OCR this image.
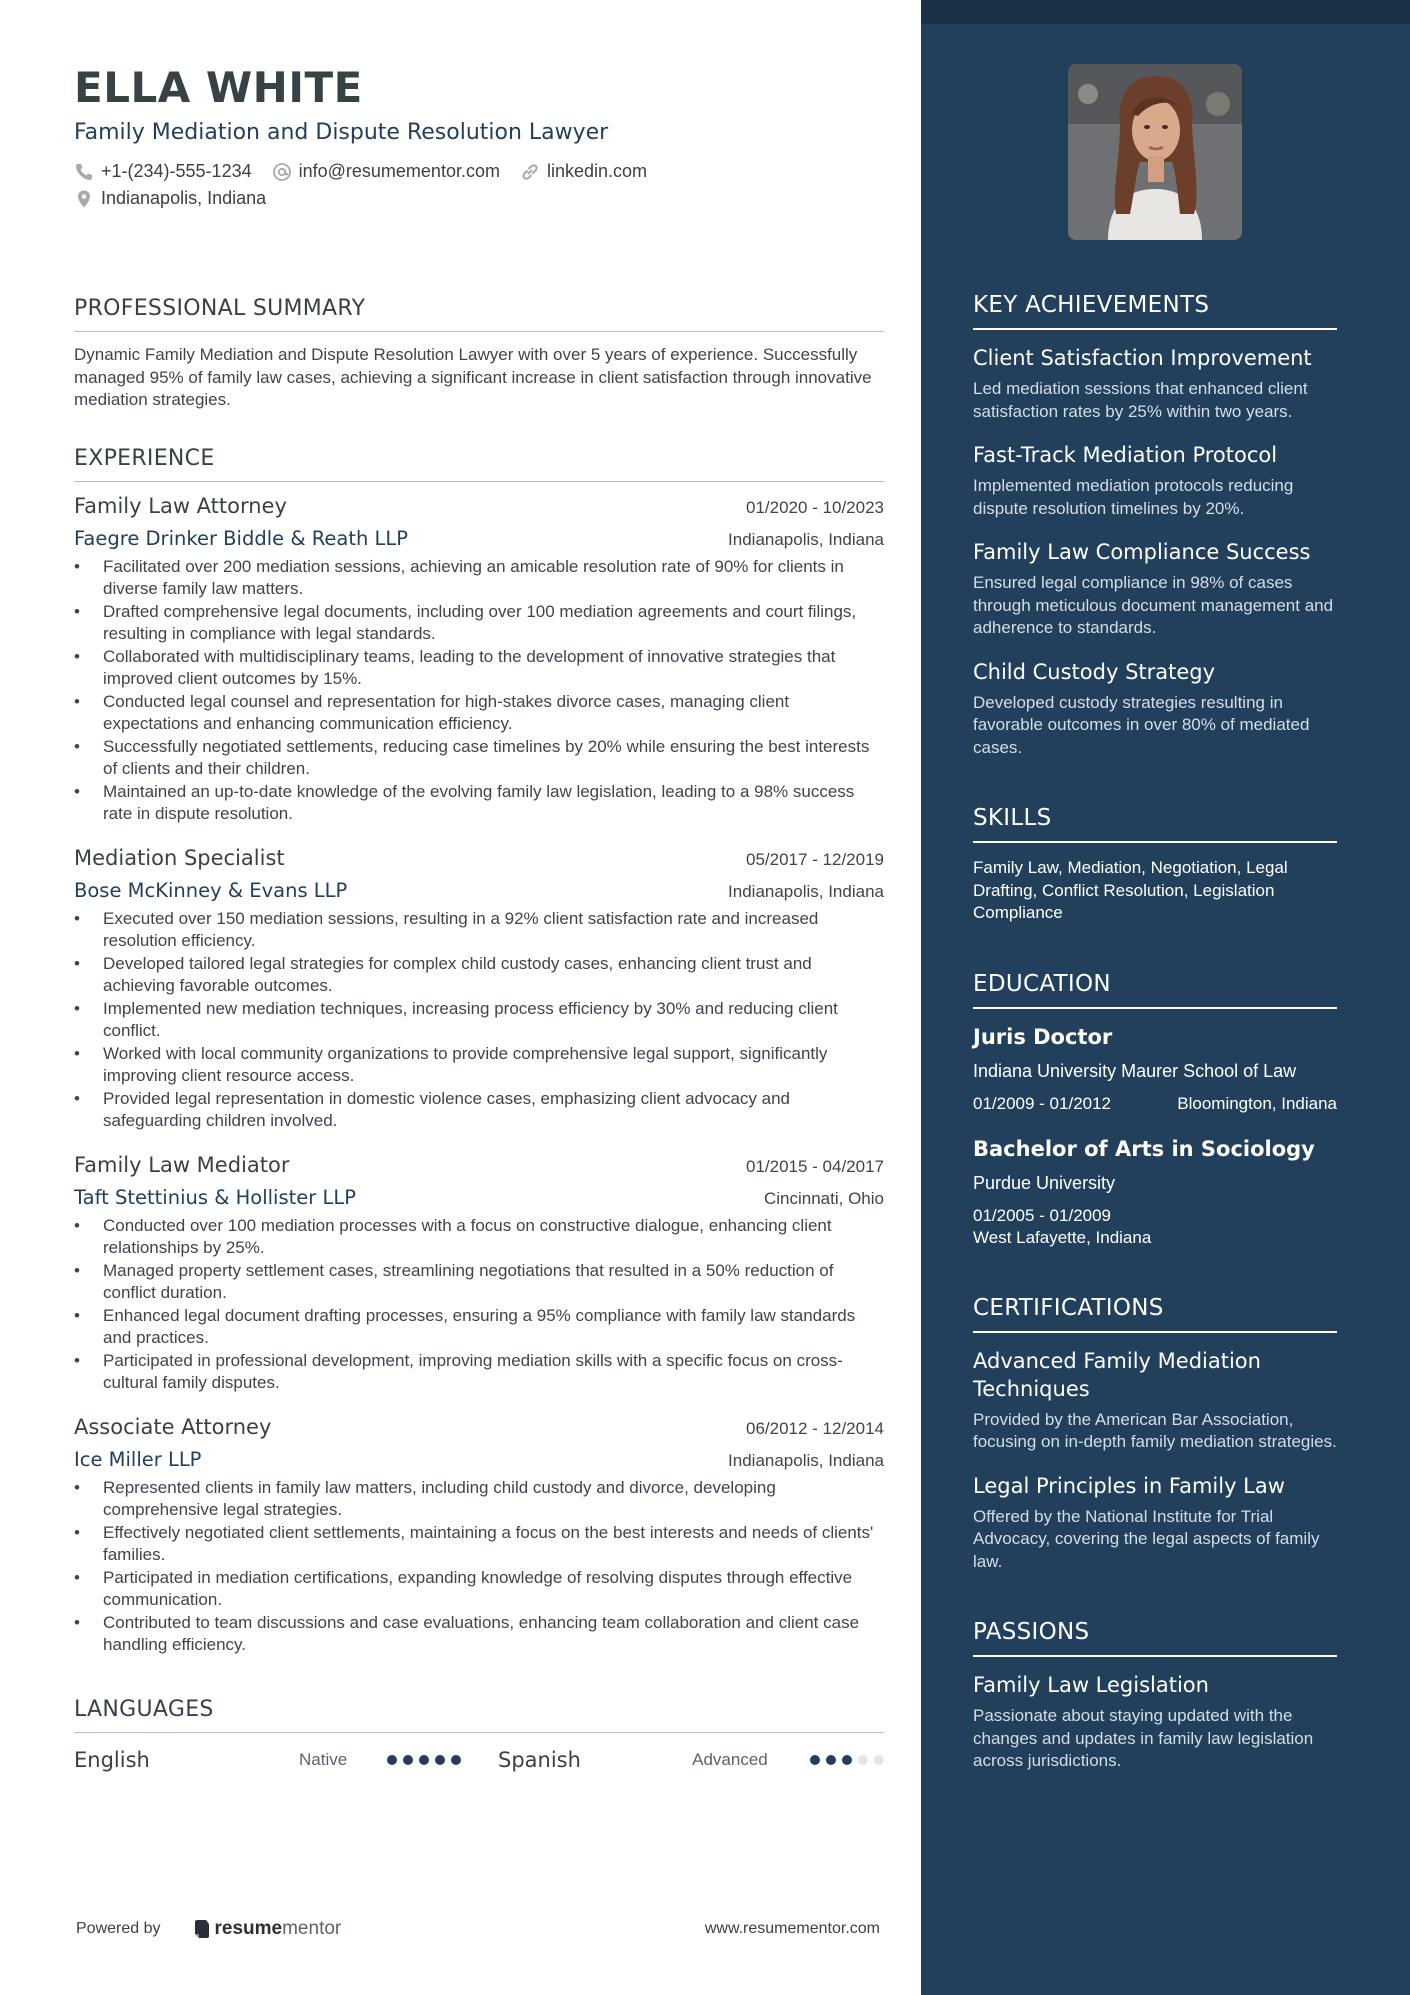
ELLA WHITE
Family Mediation and Dispute Resolution Lawyer
+1-(234)-555-1234	info@resumementor.com	linkedin.com
Indianapolis, Indiana
PROFESSIONAL SUMMARY

Dynamic Family Mediation and Dispute Resolution Lawyer with over 5 years of experience. Successfully managed 95% of family law cases, achieving a significant increase in client satisfaction through innovative mediation strategies.

EXPERIENCE
Family Law Attorney	01/2020 - 10/2023
Faegre Drinker Biddle & Reath LLP	Indianapolis, Indiana
• Facilitated over 200 mediation sessions, achieving an amicable resolution rate of 90% for clients in diverse family law matters.
• Drafted comprehensive legal documents, including over 100 mediation agreements and court filings, resulting in compliance with legal standards.
• Collaborated with multidisciplinary teams, leading to the development of innovative strategies that improved client outcomes by 15%.
• Conducted legal counsel and representation for high-stakes divorce cases, managing client expectations and enhancing communication efficiency.
• Successfully negotiated settlements, reducing case timelines by 20% while ensuring the best interests of clients and their children.
• Maintained an up-to-date knowledge of the evolving family law legislation, leading to a 98% success rate in dispute resolution.
Mediation Specialist	05/2017 - 12/2019
Bose McKinney & Evans LLP	Indianapolis, Indiana
• Executed over 150 mediation sessions, resulting in a 92% client satisfaction rate and increased resolution efficiency.
• Developed tailored legal strategies for complex child custody cases, enhancing client trust and achieving favorable outcomes.
• Implemented new mediation techniques, increasing process efficiency by 30% and reducing client conflict.
• Worked with local community organizations to provide comprehensive legal support, significantly improving client resource access.
• Provided legal representation in domestic violence cases, emphasizing client advocacy and safeguarding children involved.
Family Law Mediator	01/2015 - 04/2017
Taft Stettinius & Hollister LLP	Cincinnati, Ohio
• Conducted over 100 mediation processes with a focus on constructive dialogue, enhancing client relationships by 25%.
• Managed property settlement cases, streamlining negotiations that resulted in a 50% reduction of conflict duration.
• Enhanced legal document drafting processes, ensuring a 95% compliance with family law standards and practices.
• Participated in professional development, improving mediation skills with a specific focus on cross-cultural family disputes.
Associate Attorney	06/2012 - 12/2014
Ice Miller LLP	Indianapolis, Indiana
• Represented clients in family law matters, including child custody and divorce, developing comprehensive legal strategies.
• Effectively negotiated client settlements, maintaining a focus on the best interests and needs of clients' families.
• Participated in mediation certifications, expanding knowledge of resolving disputes through effective communication.
• Contributed to team discussions and case evaluations, enhancing team collaboration and client case handling efficiency.
LANGUAGES
English	Native	Spanish	Advanced
Powered by	resume mentor	www.resumementor.com
KEY ACHIEVEMENTS
Client Satisfaction Improvement
Led mediation sessions that enhanced client satisfaction rates by 25% within two years.
Fast-Track Mediation Protocol
Implemented mediation protocols reducing dispute resolution timelines by 20%.
Family Law Compliance Success
Ensured legal compliance in 98% of cases through meticulous document management and adherence to standards.
Child Custody Strategy
Developed custody strategies resulting in favorable outcomes in over 80% of mediated cases.
SKILLS
Family Law, Mediation, Negotiation, Legal Drafting, Conflict Resolution, Legislation Compliance
EDUCATION
Juris Doctor
Indiana University Maurer School of Law
01/2009 - 01/2012	Bloomington, Indiana
Bachelor of Arts in Sociology
Purdue University
01/2005 - 01/2009
West Lafayette, Indiana
CERTIFICATIONS
Advanced Family Mediation Techniques
Provided by the American Bar Association, focusing on in-depth family mediation strategies.
Legal Principles in Family Law
Offered by the National Institute for Trial Advocacy, covering the legal aspects of family law.
PASSIONS
Family Law Legislation
Passionate about staying updated with the changes and updates in family law legislation across jurisdictions.
